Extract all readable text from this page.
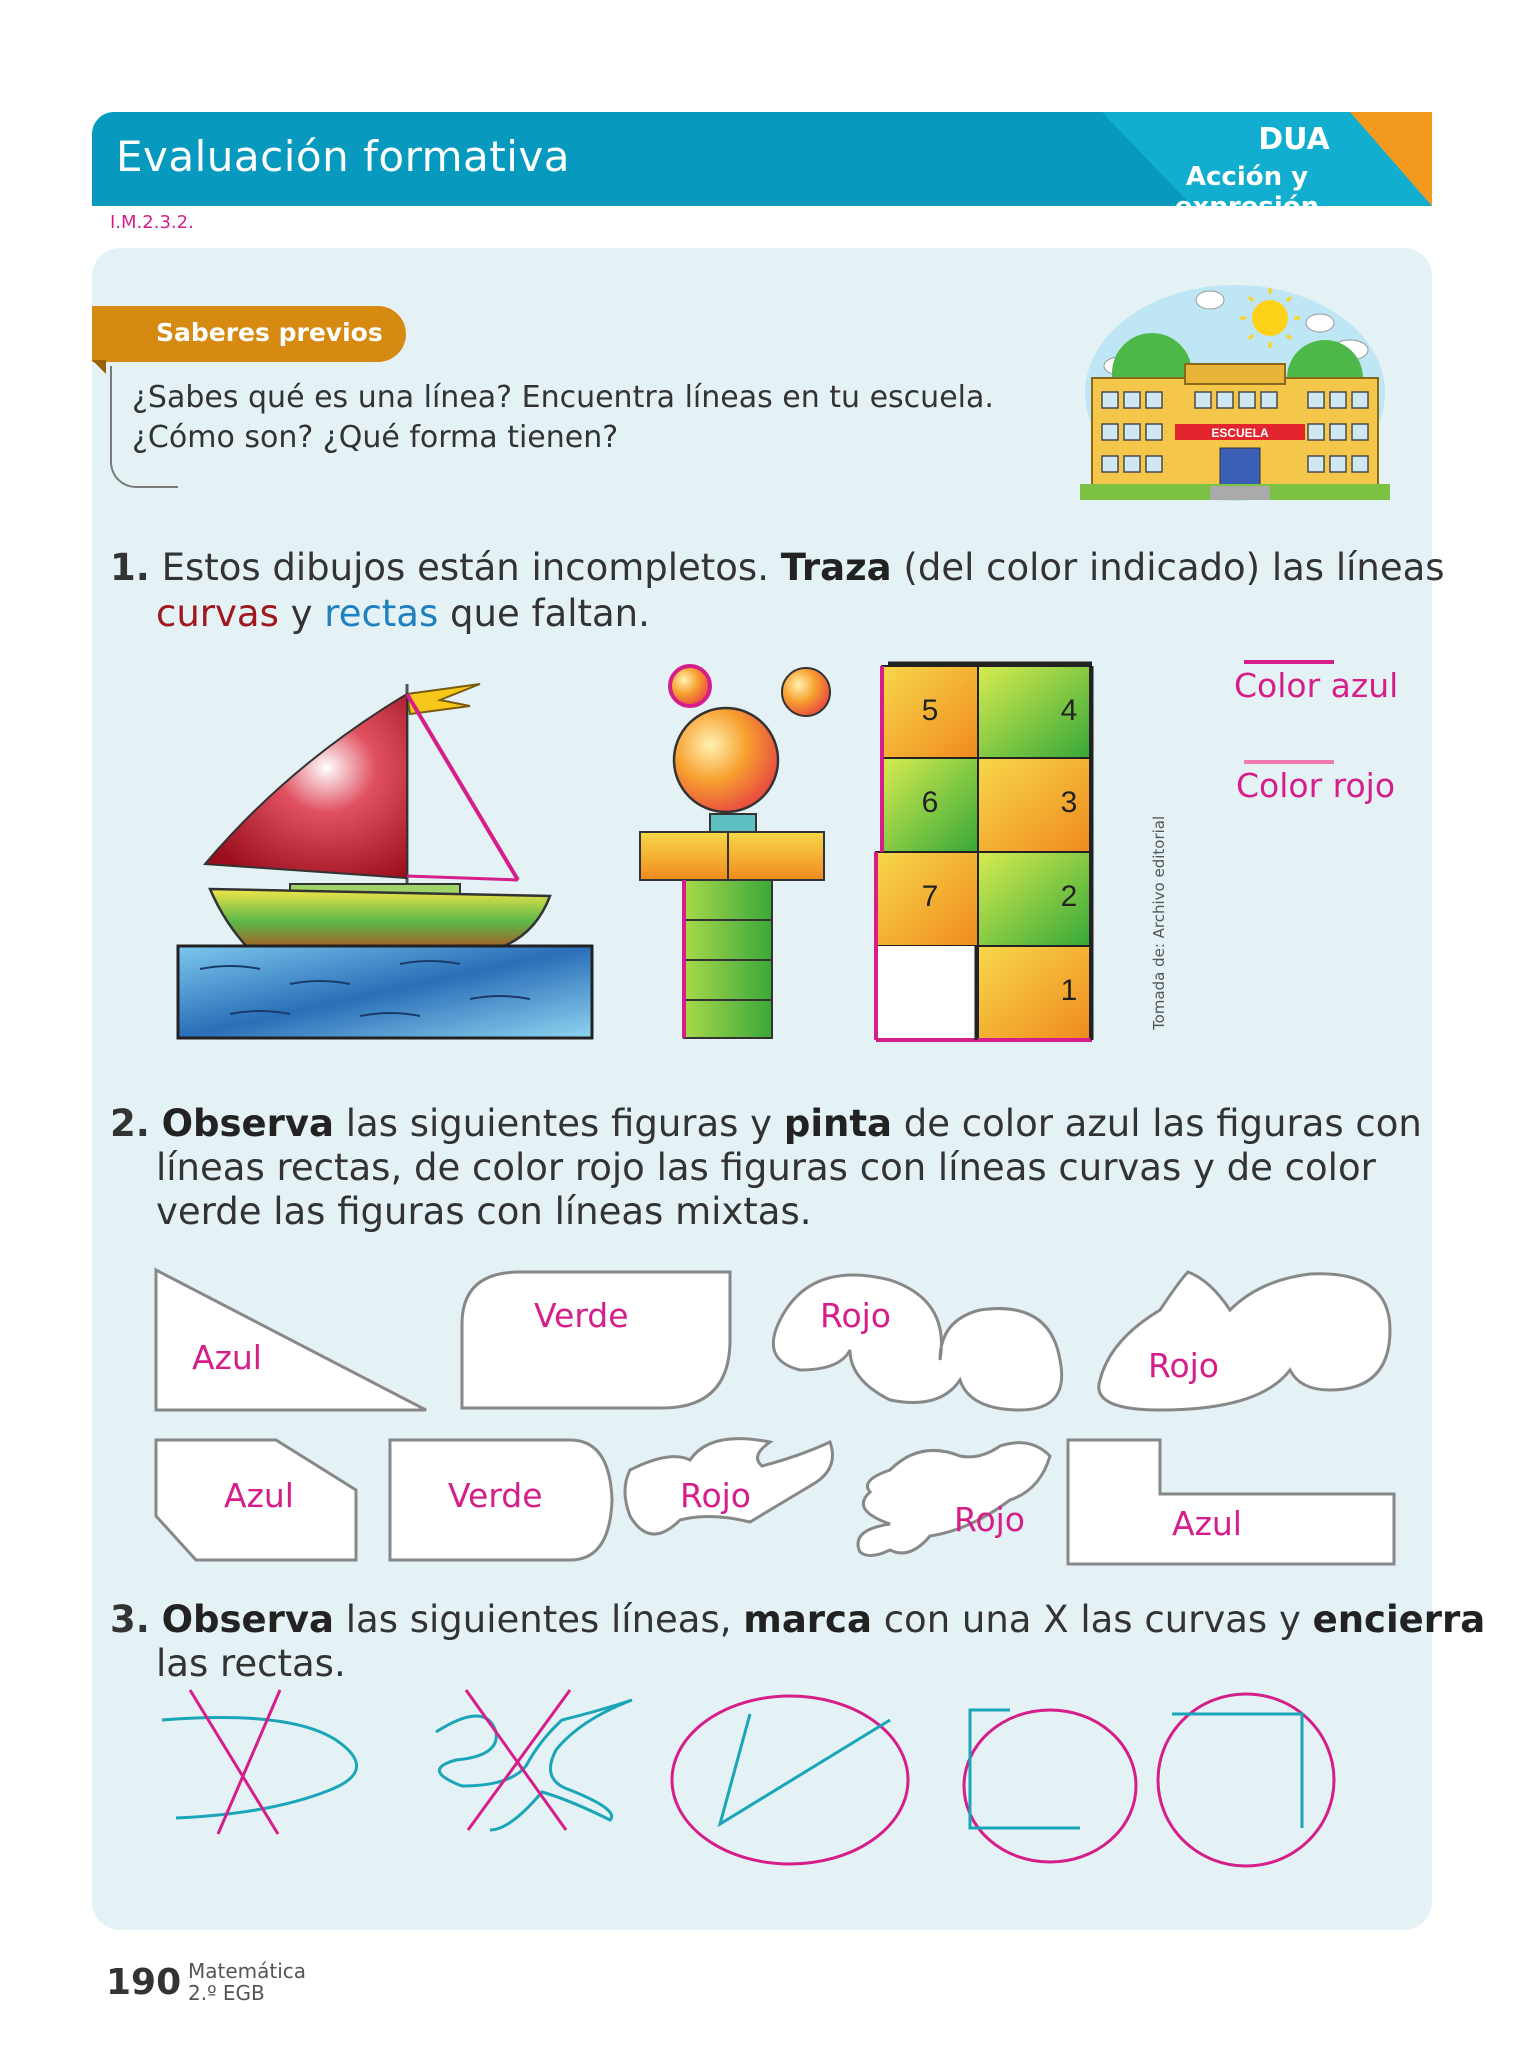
Evaluación formativa	DUA
Acción y expresión
I.M.2.3.2.
Saberes previos
¿Sabes qué es una línea? Encuentra líneas en tu escuela.
¿Cómo son? ¿Qué forma tienen?	ESCUELA
1. Estos dibujos están incompletos. Traza (del color indicado) las líneas
curvas y rectas que faltan.
5	4
6	3
7	2
1	Tomada de: Archivo editorial
Color azul
Color rojo
2. Observa las siguientes figuras y pinta de color azul las figuras con
líneas rectas, de color rojo las figuras con líneas curvas y de color
verde las figuras con líneas mixtas.
Azul
Verde	Rojo
Rojo
Azul	Verde	Rojo
Rojo	Azul
3. Observa las siguientes líneas, marca con una X las curvas y encierra
las rectas.
190 Matemática
2.º EGB
